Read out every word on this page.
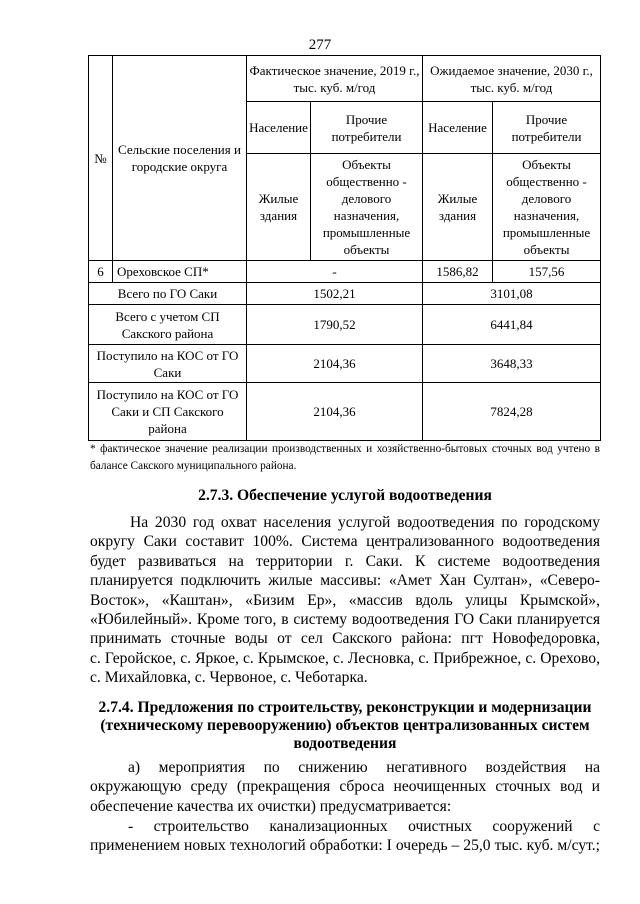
277
№	Сельские поселения и городские округа	Фактическое значение, 2019 г., тыс. куб. м/год		Ожидаемое значение, 2030 г., тыс. куб. м/год	
		Население	Прочие потребители	Население	Прочие потребители
		Жилые здания	Объекты общественно - делового назначения, промышленные объекты	Жилые здания	Объекты общественно - делового назначения, промышленные объекты
6	Ореховское СП*	-		1586,82	157,56
Всего по ГО Саки		1502,21		3101,08	
Всего с учетом СП Сакского района		1790,52		6441,84	
Поступило на КОС от ГО Саки		2104,36		3648,33	
Поступило на КОС от ГО Саки и СП Сакского района		2104,36		7824,28	
* фактическое значение реализации производственных и хозяйственно-бытовых сточных вод учтено в балансе Сакского муниципального района.
2.7.3. Обеспечение услугой водоотведения
На 2030 год охват населения услугой водоотведения по городскому
округу Саки составит 100%. Система централизованного водоотведения
будет развиваться на территории г. Саки. К системе водоотведения
планируется подключить жилые массивы: «Амет Хан Султан», «Северо-
Восток», «Каштан», «Бизим Ер», «массив вдоль улицы Крымской»,
«Юбилейный». Кроме того, в систему водоотведения ГО Саки планируется
принимать сточные воды от сел Сакского района: пгт Новофедоровка,
с. Геройское, с. Яркое, с. Крымское, с. Лесновка, с. Прибрежное, с. Орехово,
с. Михайловка, с. Червоное, с. Чеботарка.
2.7.4. Предложения по строительству, реконструкции и модернизации
(техническому перевооружению) объектов централизованных систем
водоотведения
а) мероприятия по снижению негативного воздействия на
окружающую среду (прекращения сброса неочищенных сточных вод и
обеспечение качества их очистки) предусматривается:
- строительство канализационных очистных сооружений с
применением новых технологий обработки: I очередь – 25,0 тыс. куб. м/сут.;
